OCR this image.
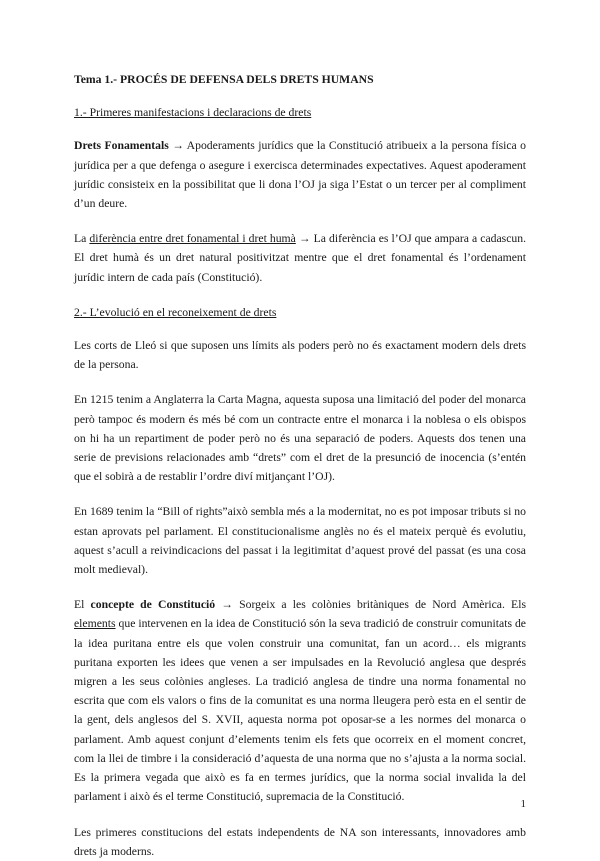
Tema 1.- PROCÉS DE DEFENSA DELS DRETS HUMANS
1.- Primeres manifestacions i declaracions de drets

Drets Fonamentals → Apoderaments jurídics que la Constitució atribueix a la persona física o jurídica per a que defenga o asegure i exercisca determinades expectatives. Aquest apoderament jurídic consisteix en la possibilitat que li dona l’OJ ja siga l’Estat o un tercer per al compliment d’un deure.

La diferència entre dret fonamental i dret humà → La diferència es l’OJ que ampara a cadascun. El dret humà és un dret natural positivitzat mentre que el dret fonamental és l’ordenament jurídic intern de cada país (Constitució).

2.- L’evolució en el reconeixement de drets

Les corts de Lleó si que suposen uns límits als poders però no és exactament modern dels drets de la persona.

En 1215 tenim a Anglaterra la Carta Magna, aquesta suposa una limitació del poder del monarca però tampoc és modern és més bé com un contracte entre el monarca i la noblesa o els obispos on hi ha un repartiment de poder però no és una separació de poders. Aquests dos tenen una serie de previsions relacionades amb “drets” com el dret de la presunció de inocencia (s’entén que el sobirà a de restablir l’ordre diví mitjançant l’OJ).

En 1689 tenim la “Bill of rights”això sembla més a la modernitat, no es pot imposar tributs si no estan aprovats pel parlament. El constitucionalisme anglès no és el mateix perquè és evolutiu, aquest s’acull a reivindicacions del passat i la legitimitat d’aquest prové del passat (es una cosa molt medieval).

El concepte de Constitució → Sorgeix a les colònies britàniques de Nord Amèrica. Els elements que intervenen en la idea de Constitució són la seva tradició de construir comunitats de la idea puritana entre els que volen construir una comunitat, fan un acord… els migrants puritana exporten les idees que venen a ser impulsades en la Revolució anglesa que després migren a les seus colònies angleses. La tradició anglesa de tindre una norma fonamental no escrita que com els valors o fins de la comunitat es una norma lleugera però esta en el sentir de la gent, dels anglesos del S. XVII, aquesta norma pot oposar-se a les normes del monarca o parlament. Amb aquest conjunt d’elements tenim els fets que ocorreix en el moment concret, com la llei de timbre i la consideració d’aquesta de una norma que no s’ajusta a la norma social. Es la primera vegada que això es fa en termes jurídics, que la norma social invalida la del parlament i això és el terme Constitució, supremacia de la Constitució.

Les primeres constitucions del estats independents de NA son interessants, innovadores amb drets ja moderns.

1
